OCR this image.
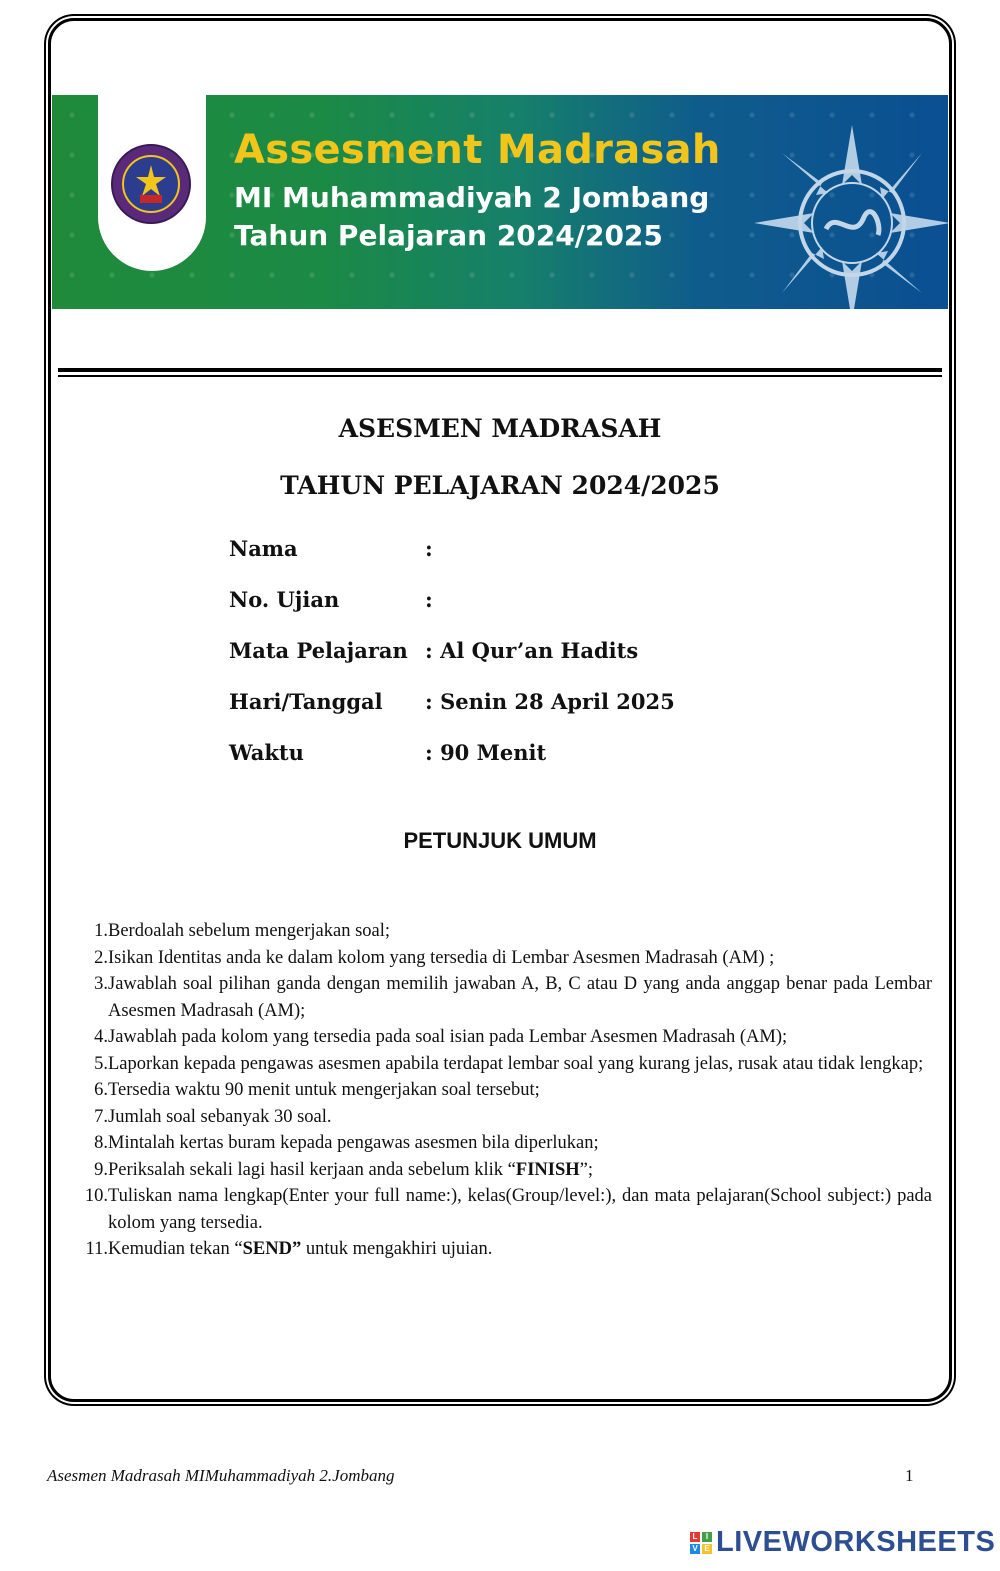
Assesment Madrasah
MI Muhammadiyah 2 Jombang
Tahun Pelajaran 2024/2025
ASESMEN MADRASAH
TAHUN PELAJARAN 2024/2025
Nama	:
No. Ujian	:
Mata Pelajaran : Al Qur’an Hadits
Hari/Tanggal	: Senin 28 April 2025
Waktu	: 90 Menit
PETUNJUK UMUM
1. Berdoalah sebelum mengerjakan soal;
2. Isikan Identitas anda ke dalam kolom yang tersedia di Lembar Asesmen Madrasah (AM) ;
3. Jawablah soal pilihan ganda dengan memilih jawaban A, B, C atau D yang anda anggap benar pada Lembar Asesmen Madrasah (AM);
4. Jawablah pada kolom yang tersedia pada soal isian pada Lembar Asesmen Madrasah (AM);
5. Laporkan kepada pengawas asesmen apabila terdapat lembar soal yang kurang jelas, rusak atau tidak lengkap;
6. Tersedia waktu 90 menit untuk mengerjakan soal tersebut;
7. Jumlah soal sebanyak 30 soal.
8. Mintalah kertas buram kepada pengawas asesmen bila diperlukan;
9. Periksalah sekali lagi hasil kerjaan anda sebelum klik “FINISH”;
10. Tuliskan nama lengkap(Enter your full name:), kelas(Group/level:), dan mata pelajaran(School subject:) pada kolom yang tersedia.
11. Kemudian tekan “SEND” untuk mengakhiri ujuian.
Asesmen Madrasah MIMuhammadiyah 2.Jombang	1
L	I
V E LIVEWORKSHEETS
